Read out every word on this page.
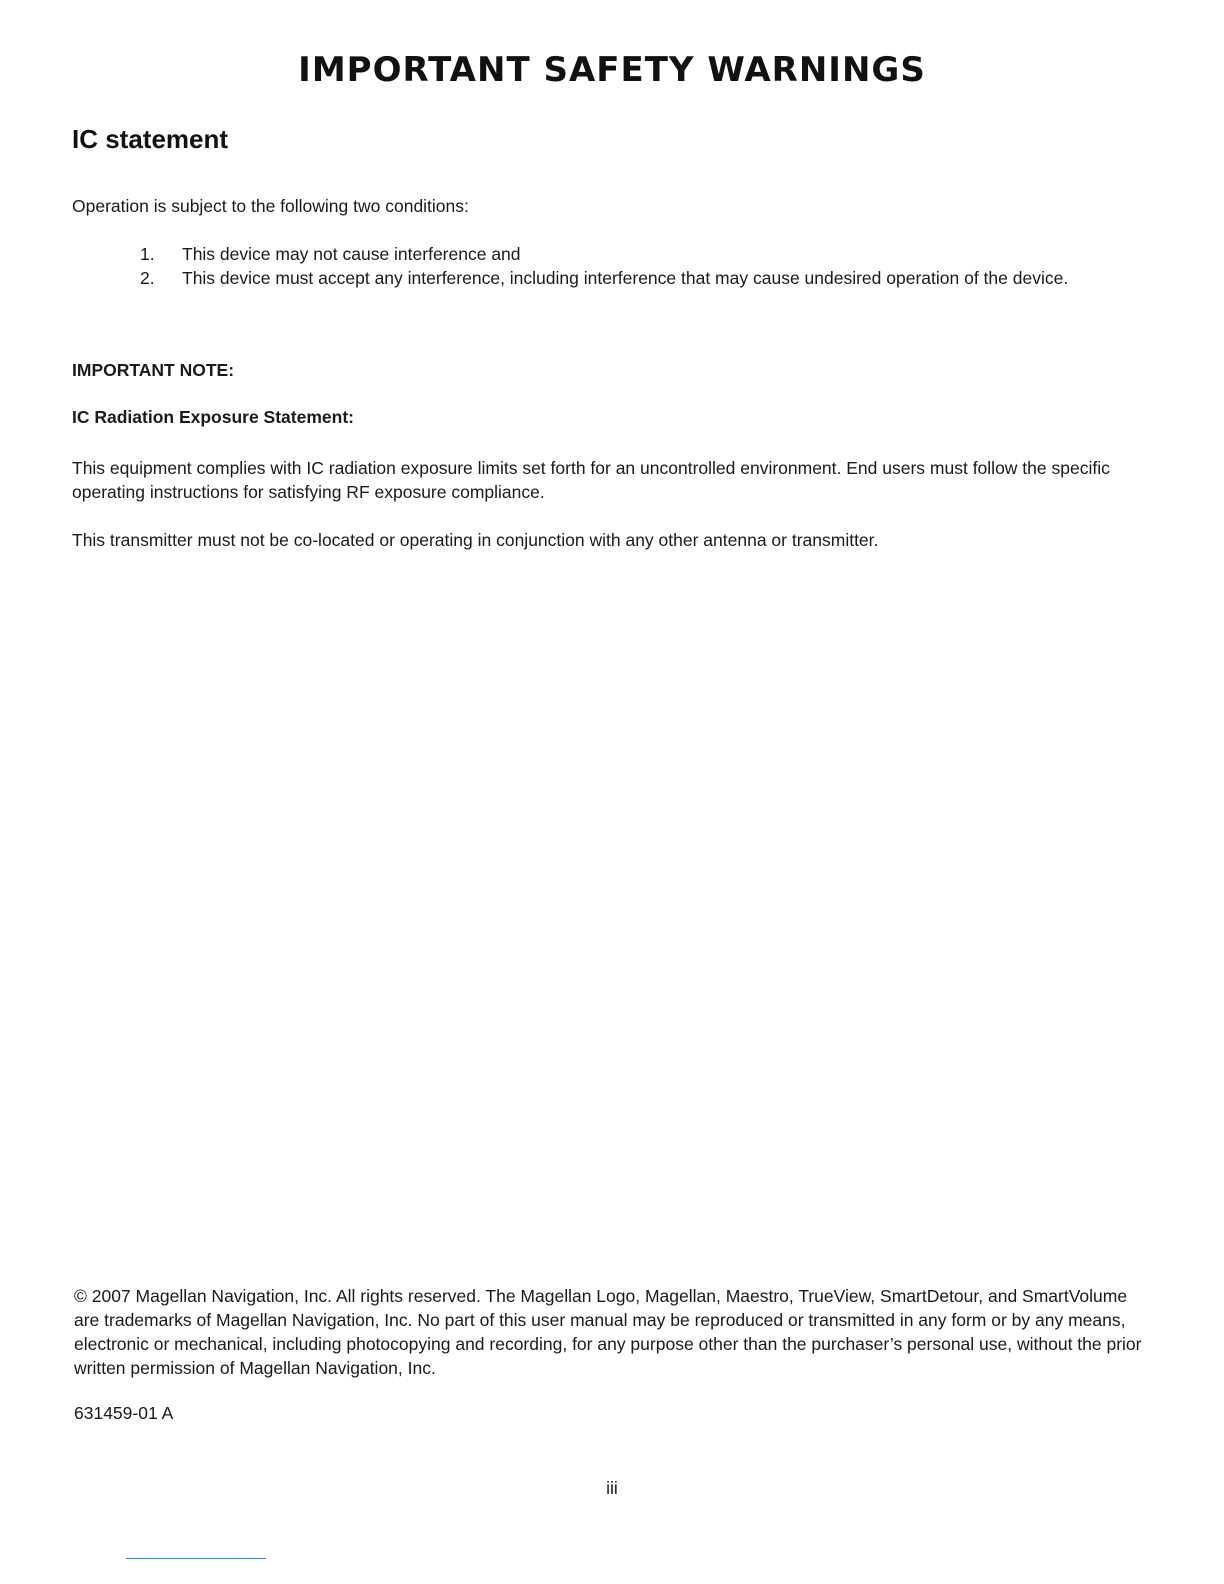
IMPORTANT SAFETY WARNINGS
IC statement

Operation is subject to the following two conditions:

1.	This device may not cause interference and
2.	This device must accept any interference, including interference that may cause undesired operation of the device.

IMPORTANT NOTE:

IC Radiation Exposure Statement:

This equipment complies with IC radiation exposure limits set forth for an uncontrolled environment. End users must follow the specific operating instructions for satisfying RF exposure compliance.

This transmitter must not be co-located or operating in conjunction with any other antenna or transmitter.

© 2007 Magellan Navigation, Inc. All rights reserved. The Magellan Logo, Magellan, Maestro, TrueView, SmartDetour, and SmartVolume are trademarks of Magellan Navigation, Inc. No part of this user manual may be reproduced or transmitted in any form or by any means, electronic or mechanical, including photocopying and recording, for any purpose other than the purchaser’s personal use, without the prior written permission of Magellan Navigation, Inc.

631459-01 A

iii
